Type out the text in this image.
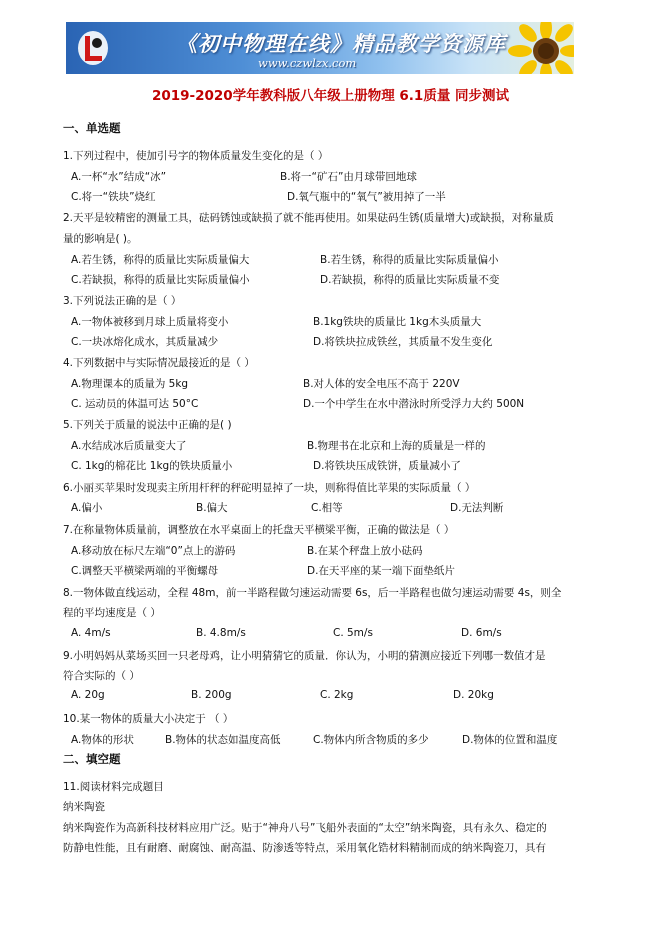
《初中物理在线》精品教学资源库
www.czwlzx.com
2019-2020学年教科版八年级上册物理 6.1质量 同步测试
一、单选题
1.下列过程中，使加引号字的物体质量发生变化的是（ ）
A.一杯“水”结成“冰”	B.将一“矿石”由月球带回地球
C.将一“铁块”烧红	D.氧气瓶中的“氧气”被用掉了一半
2.天平是较精密的测量工具，砝码锈蚀或缺损了就不能再使用。如果砝码生锈(质量增大)或缺损，对称量质
量的影响是( )。
A.若生锈，称得的质量比实际质量偏大	B.若生锈，称得的质量比实际质量偏小
C.若缺损，称得的质量比实际质量偏小	D.若缺损，称得的质量比实际质量不变
3.下列说法正确的是（ ）
A.一物体被移到月球上质量将变小	B.1kg铁块的质量比 1kg木头质量大
C.一块冰熔化成水，其质量减少	D.将铁块拉成铁丝，其质量不发生变化
4.下列数据中与实际情况最接近的是（ ）
A.物理课本的质量为 5kg	B.对人体的安全电压不高于 220V
C. 运动员的体温可达 50°C	D.一个中学生在水中潜泳时所受浮力大约 500N
5.下列关于质量的说法中正确的是( )
A.水结成冰后质量变大了	B.物理书在北京和上海的质量是一样的
C. 1kg的棉花比 1kg的铁块质量小	D.将铁块压成铁饼，质量减小了
6.小丽买苹果时发现卖主所用杆秤的秤砣明显掉了一块，则称得值比苹果的实际质量（ ）
A.偏小	B.偏大	C.相等	D.无法判断
7.在称量物体质量前，调整放在水平桌面上的托盘天平横梁平衡，正确的做法是（ ）
A.移动放在标尺左端“0”点上的游码	B.在某个秤盘上放小砝码
C.调整天平横梁两端的平衡螺母	D.在天平座的某一端下面垫纸片
8.一物体做直线运动，全程 48m，前一半路程做匀速运动需要 6s，后一半路程也做匀速运动需要 4s，则全
程的平均速度是（ ）
A. 4m/s	B. 4.8m/s	C. 5m/s	D. 6m/s
9.小明妈妈从菜场买回一只老母鸡，让小明猜猜它的质量．你认为，小明的猜测应接近下列哪一数值才是
符合实际的（ ）
A. 20g	B. 200g	C. 2kg	D. 20kg
10.某一物体的质量大小决定于 （ ）
A.物体的形状	B.物体的状态如温度高低	C.物体内所含物质的多少	D.物体的位置和温度
二、填空题
11.阅读材料完成题目
纳米陶瓷
纳米陶瓷作为高新科技材料应用广泛。贴于“神舟八号”飞船外表面的“太空”纳米陶瓷，具有永久、稳定的
防静电性能，且有耐磨、耐腐蚀、耐高温、防渗透等特点，采用氧化锆材料精制而成的纳米陶瓷刀，具有
